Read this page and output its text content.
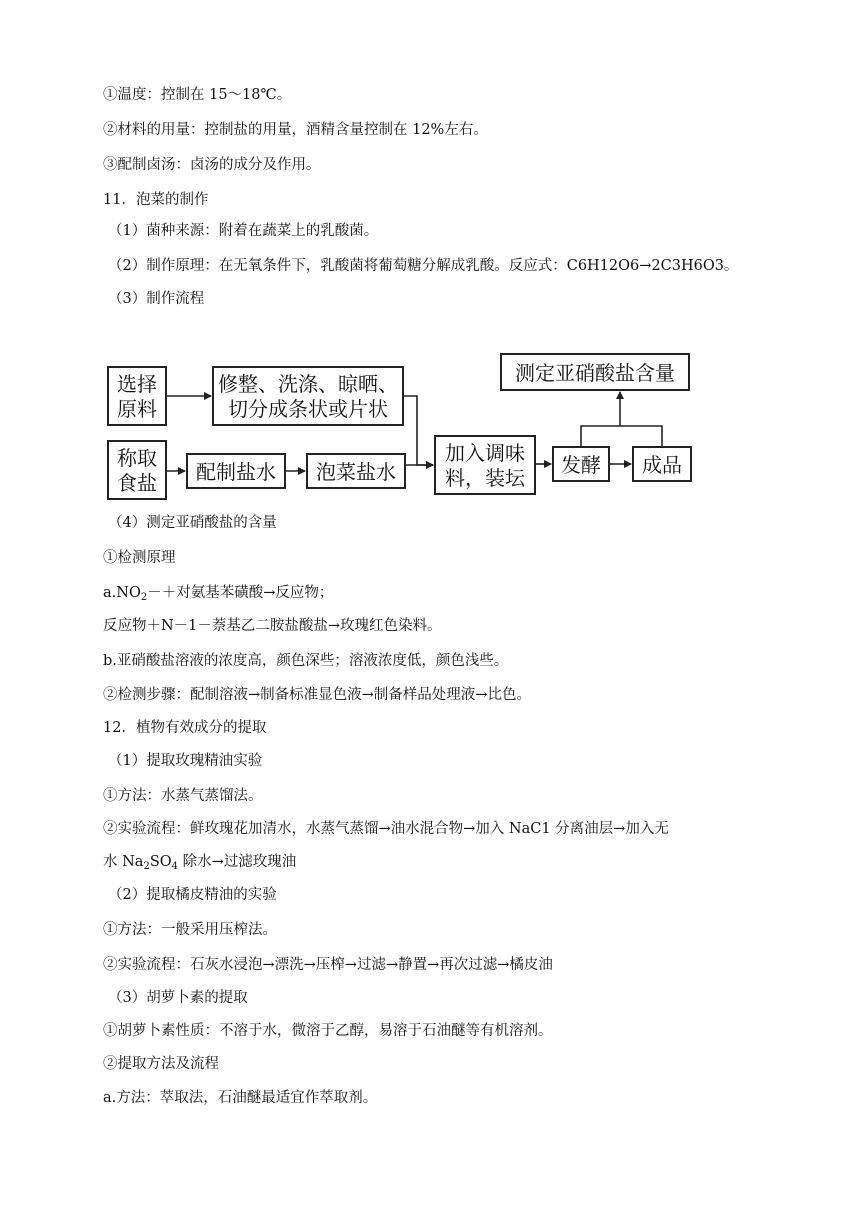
①温度：控制在 15～18℃。
②材料的用量：控制盐的用量，酒精含量控制在 12%左右。
③配制卤汤：卤汤的成分及作用。
11．泡菜的制作
（1）菌种来源：附着在蔬菜上的乳酸菌。
（2）制作原理：在无氧条件下，乳酸菌将葡萄糖分解成乳酸。反应式：C6H12O6→2C3H6O3。
（3）制作流程
选择
原料
修整、洗涤、晾晒、
切分成条状或片状
称取
食盐 配制盐水 泡菜盐水
加入调味
料，装坛
发酵 成品
测定亚硝酸盐含量
（4）测定亚硝酸盐的含量
①检测原理
$a.NO_2-+$对氨基苯磺酸→反应物；
反应物＋N－1－萘基乙二胺盐酸盐→玫瑰红色染料。
b.亚硝酸盐溶液的浓度高，颜色深些；溶液浓度低，颜色浅些。
②检测步骤：配制溶液→制备标准显色液→制备样品处理液→比色。
12．植物有效成分的提取
（1）提取玫瑰精油实验
①方法：水蒸气蒸馏法。
②实验流程：鲜玫瑰花加清水，水蒸气蒸馏→油水混合物→加入 NaC1 分离油层→加入无
水 $Na_2SO_4$ 除水→过滤玫瑰油
（2）提取橘皮精油的实验
①方法：一般采用压榨法。
②实验流程：石灰水浸泡→漂洗→压榨→过滤→静置→再次过滤→橘皮油
（3）胡萝卜素的提取
①胡萝卜素性质：不溶于水，微溶于乙醇，易溶于石油醚等有机溶剂。
②提取方法及流程
a.方法：萃取法，石油醚最适宜作萃取剂。
